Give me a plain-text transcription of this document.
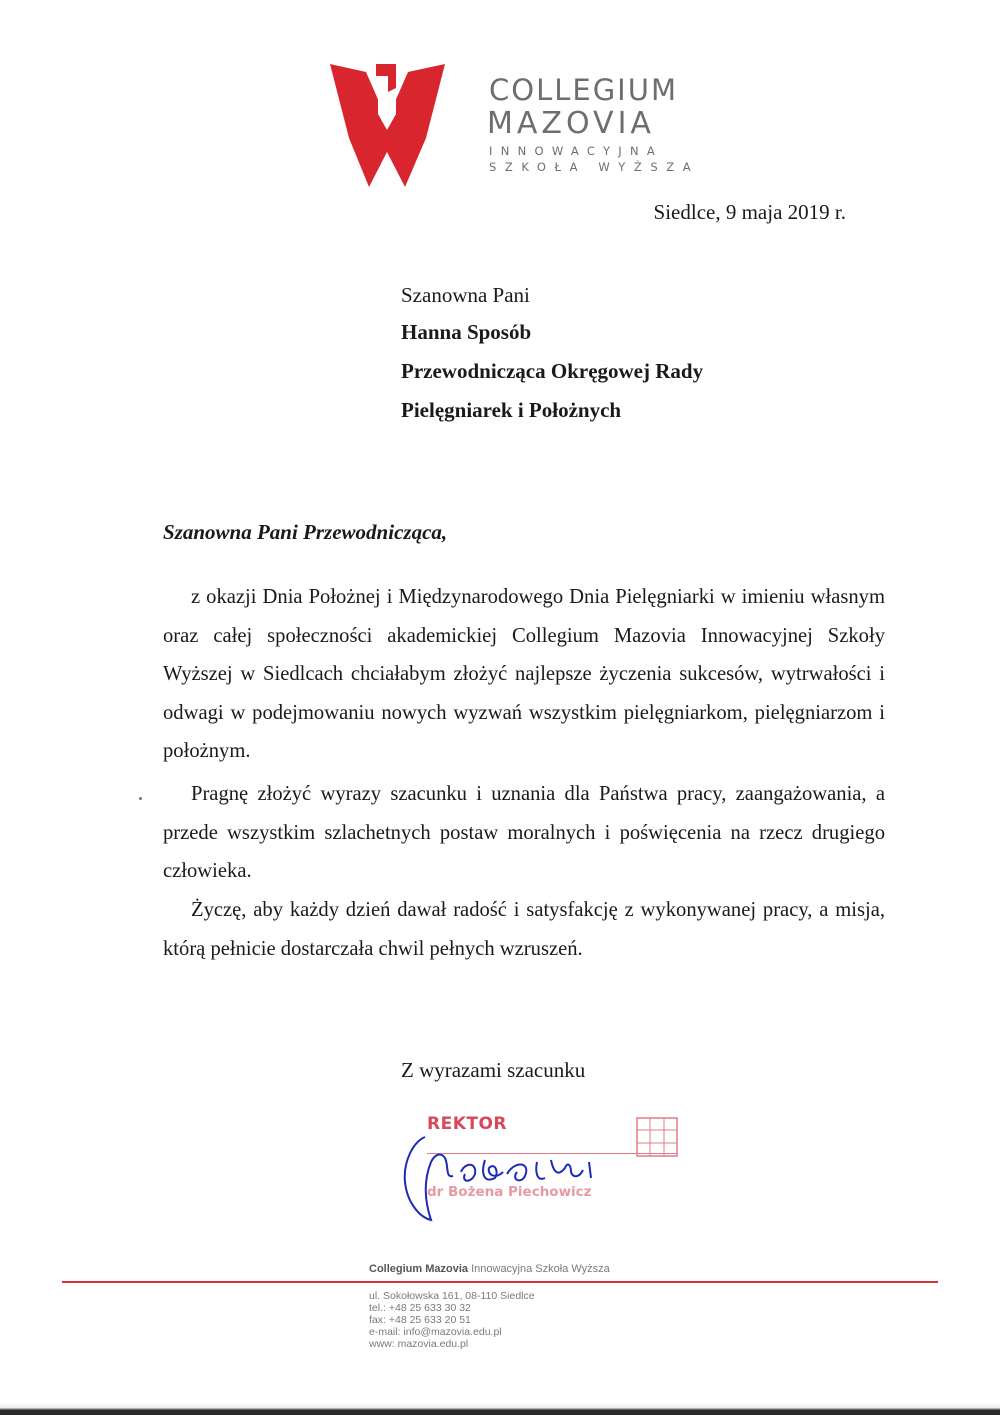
COLLEGIUM
MAZOVIA
INNOWACYJNA
SZKOŁA WYŻSZA
Siedlce, 9 maja 2019 r.
Szanowna Pani
Hanna Sposób
Przewodnicząca Okręgowej Rady
Pielęgniarek i Położnych
Szanowna Pani Przewodnicząca,

z okazji Dnia Położnej i Międzynarodowego Dnia Pielęgniarki w imieniu własnym oraz całej społeczności akademickiej Collegium Mazovia Innowacyjnej Szkoły Wyższej w Siedlcach chciałabym złożyć najlepsze życzenia sukcesów, wytrwałości i odwagi w podejmowaniu nowych wyzwań wszystkim pielęgniarkom, pielęgniarzom i położnym.

Pragnę złożyć wyrazy szacunku i uznania dla Państwa pracy, zaangażowania, a przede wszystkim szlachetnych postaw moralnych i poświęcenia na rzecz drugiego człowieka.

Życzę, aby każdy dzień dawał radość i satysfakcję z wykonywanej pracy, a misja, którą pełnicie dostarczała chwil pełnych wzruszeń.

Z wyrazami szacunku
REKTOR
dr Bożena Piechowicz
Collegium Mazovia Innowacyjna Szkoła Wyższa
ul. Sokołowska 161, 08-110 Siedlce
tel.: +48 25 633 30 32
fax: +48 25 633 20 51
e-mail: info@mazovia.edu.pl
www: mazovia.edu.pl
